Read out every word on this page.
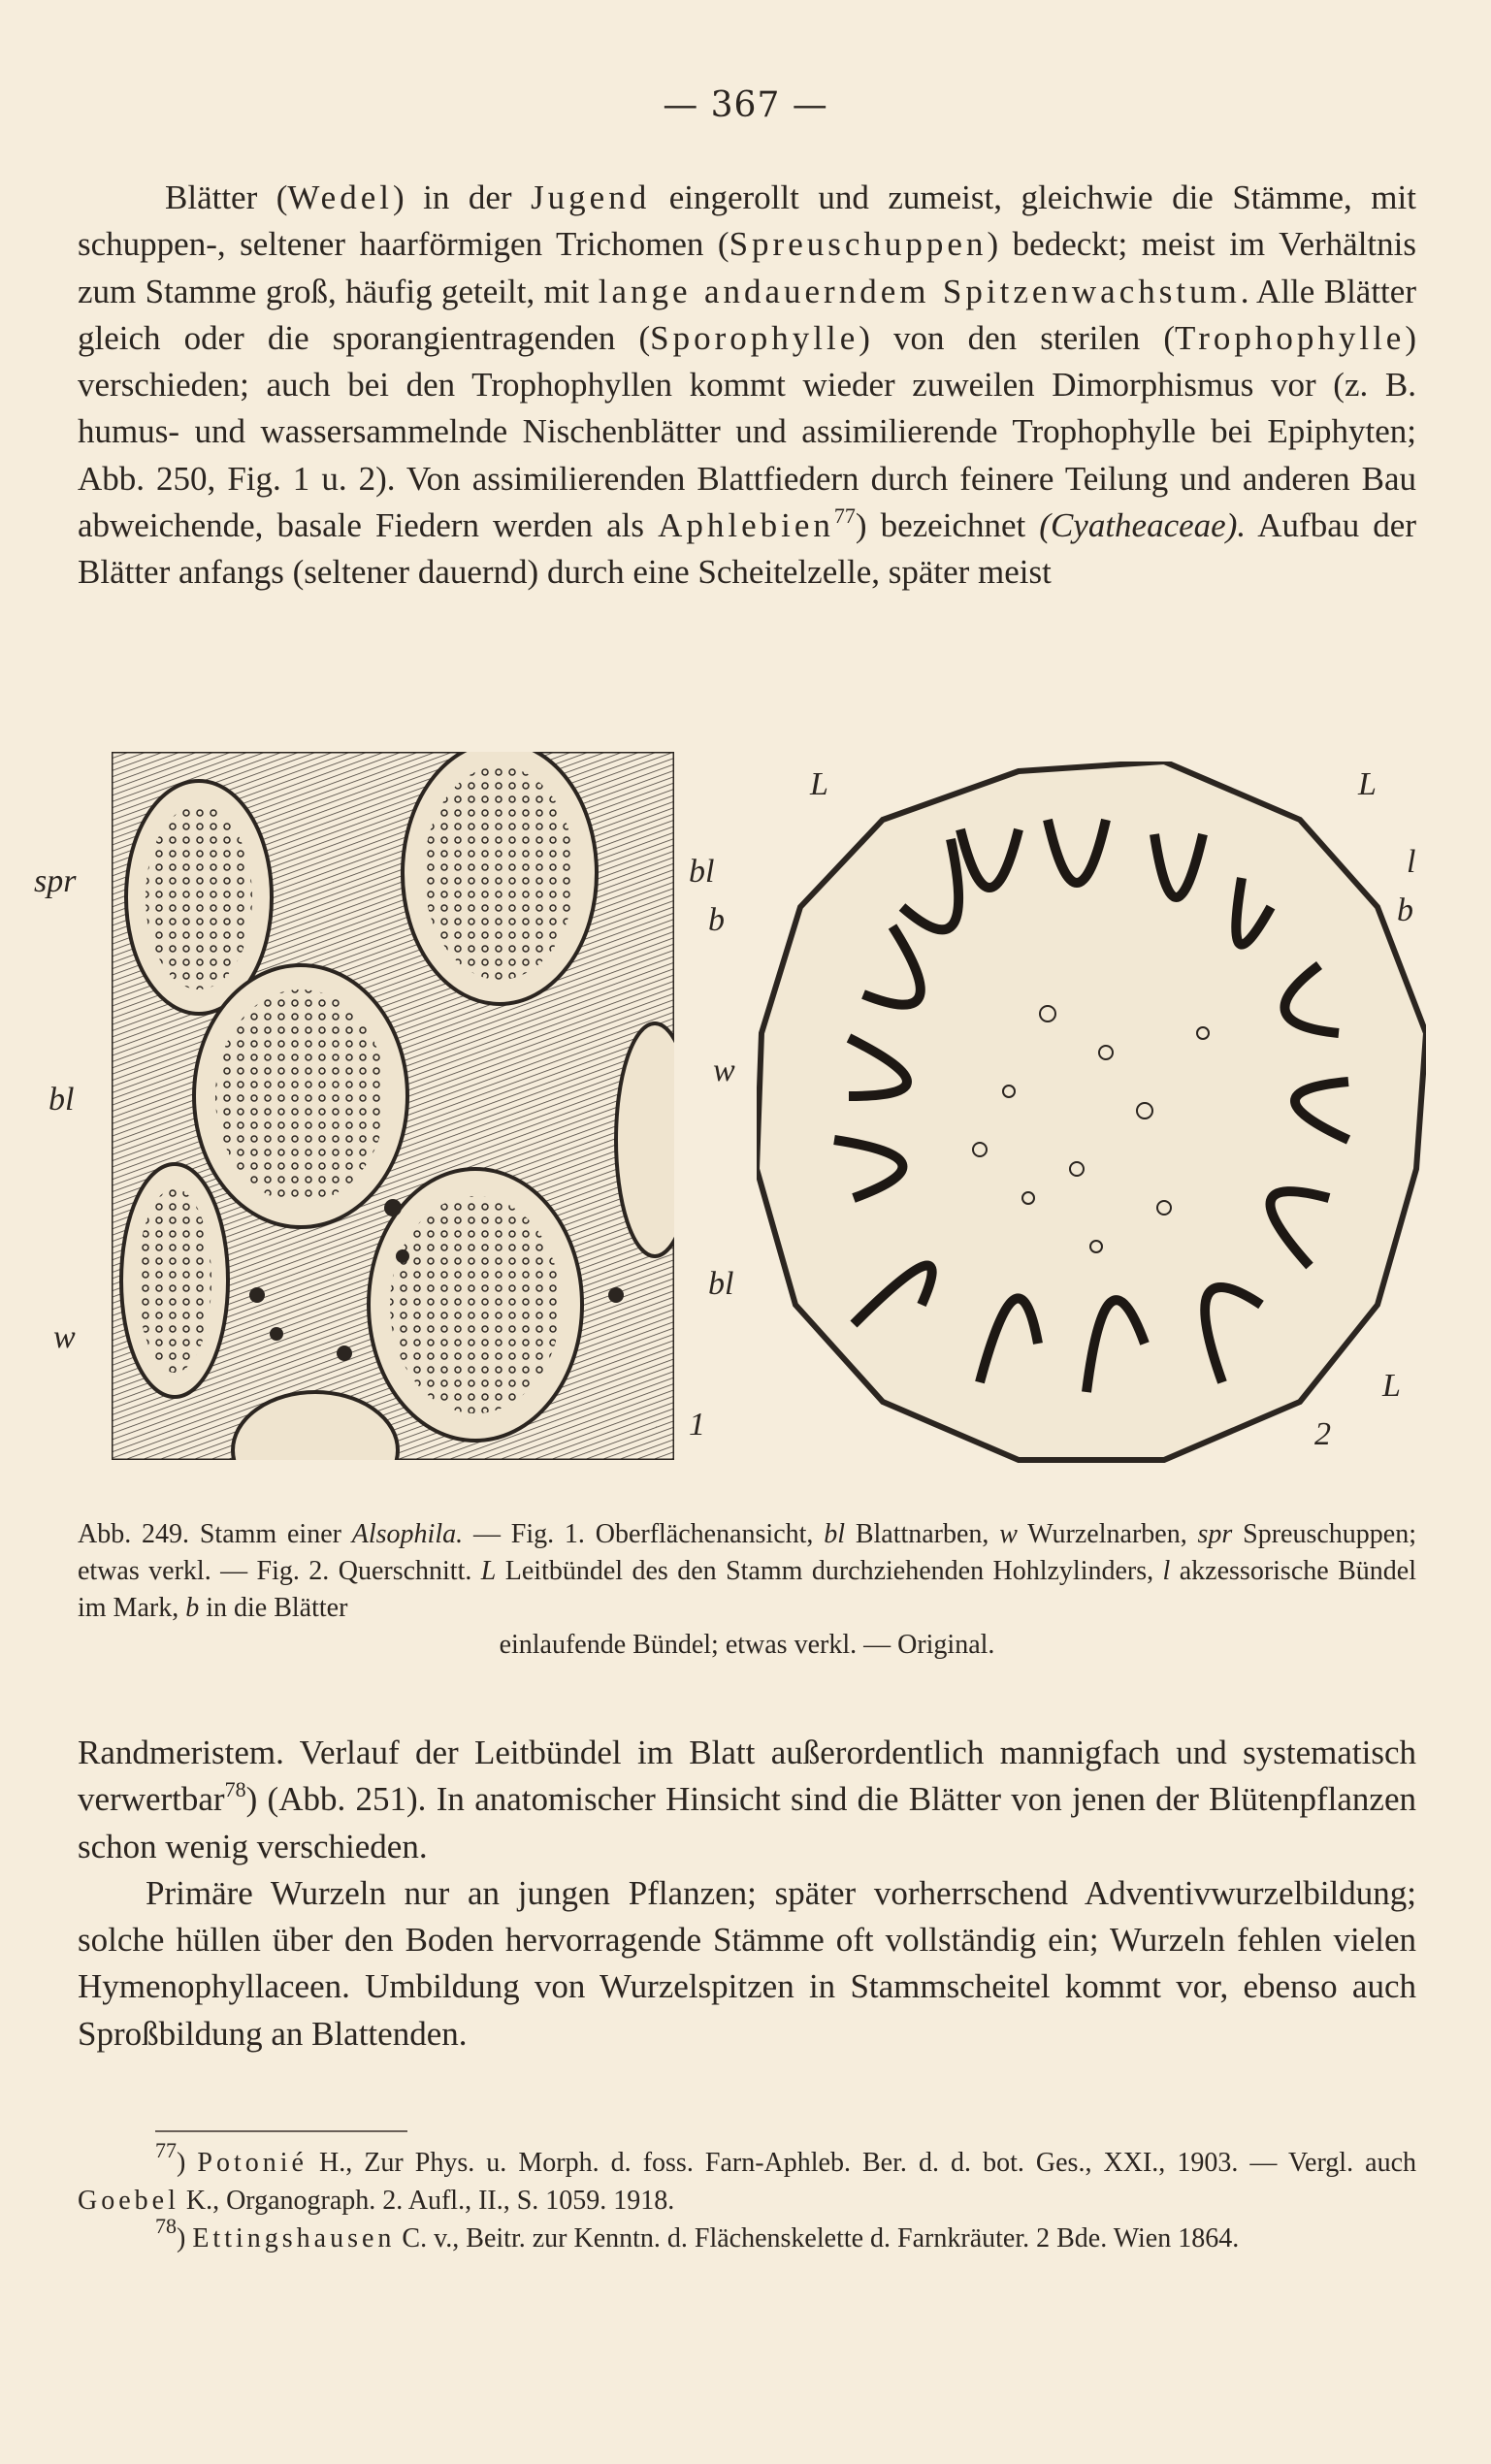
— 367 —

Blätter (Wedel) in der Jugend eingerollt und zumeist, gleichwie die Stämme, mit schuppen-, seltener haarförmigen Trichomen (Spreuschuppen) bedeckt; meist im Verhältnis zum Stamme groß, häufig geteilt, mit lange andauerndem Spitzenwachstum. Alle Blätter gleich oder die sporangientragenden (Sporophylle) von den sterilen (Trophophylle) verschieden; auch bei den Trophophyllen kommt wieder zuweilen Dimorphismus vor (z. B. humus- und wassersammelnde Nischenblätter und assimilierende Trophophylle bei Epiphyten; Abb. 250, Fig. 1 u. 2). Von assimilierenden Blattfiedern durch feinere Teilung und anderen Bau abweichende, basale Fiedern werden als Aphlebien$^{77}$) bezeichnet (Cyatheaceae). Aufbau der Blätter anfangs (seltener dauernd) durch eine Scheitelzelle, später meist

spr	bl
b
bl
w
bl
w
1
L	L
l
b
L
2
Abb. 249. Stamm einer Alsophila. — Fig. 1. Oberflächenansicht, bl Blattnarben, w Wurzelnarben, spr Spreuschuppen; etwas verkl. — Fig. 2. Querschnitt. L Leitbündel des den Stamm durchziehenden Hohlzylinders, l akzessorische Bündel im Mark, b in die Blätter
einlaufende Bündel; etwas verkl. — Original.

Randmeristem. Verlauf der Leitbündel im Blatt außerordentlich mannigfach und systematisch verwertbar$^{78}$) (Abb. 251). In anatomischer Hinsicht sind die Blätter von jenen der Blütenpflanzen schon wenig verschieden.

Primäre Wurzeln nur an jungen Pflanzen; später vorherrschend Adventivwurzelbildung; solche hüllen über den Boden hervorragende Stämme oft vollständig ein; Wurzeln fehlen vielen Hymenophyllaceen. Umbildung von Wurzelspitzen in Stammscheitel kommt vor, ebenso auch Sproßbildung an Blattenden.

$^{77}$) Potonié H., Zur Phys. u. Morph. d. foss. Farn-Aphleb. Ber. d. d. bot. Ges., XXI., 1903. — Vergl. auch Goebel K., Organograph. 2. Aufl., II., S. 1059. 1918.

$^{78}$) Ettingshausen C. v., Beitr. zur Kenntn. d. Flächenskelette d. Farnkräuter. 2 Bde. Wien 1864.
